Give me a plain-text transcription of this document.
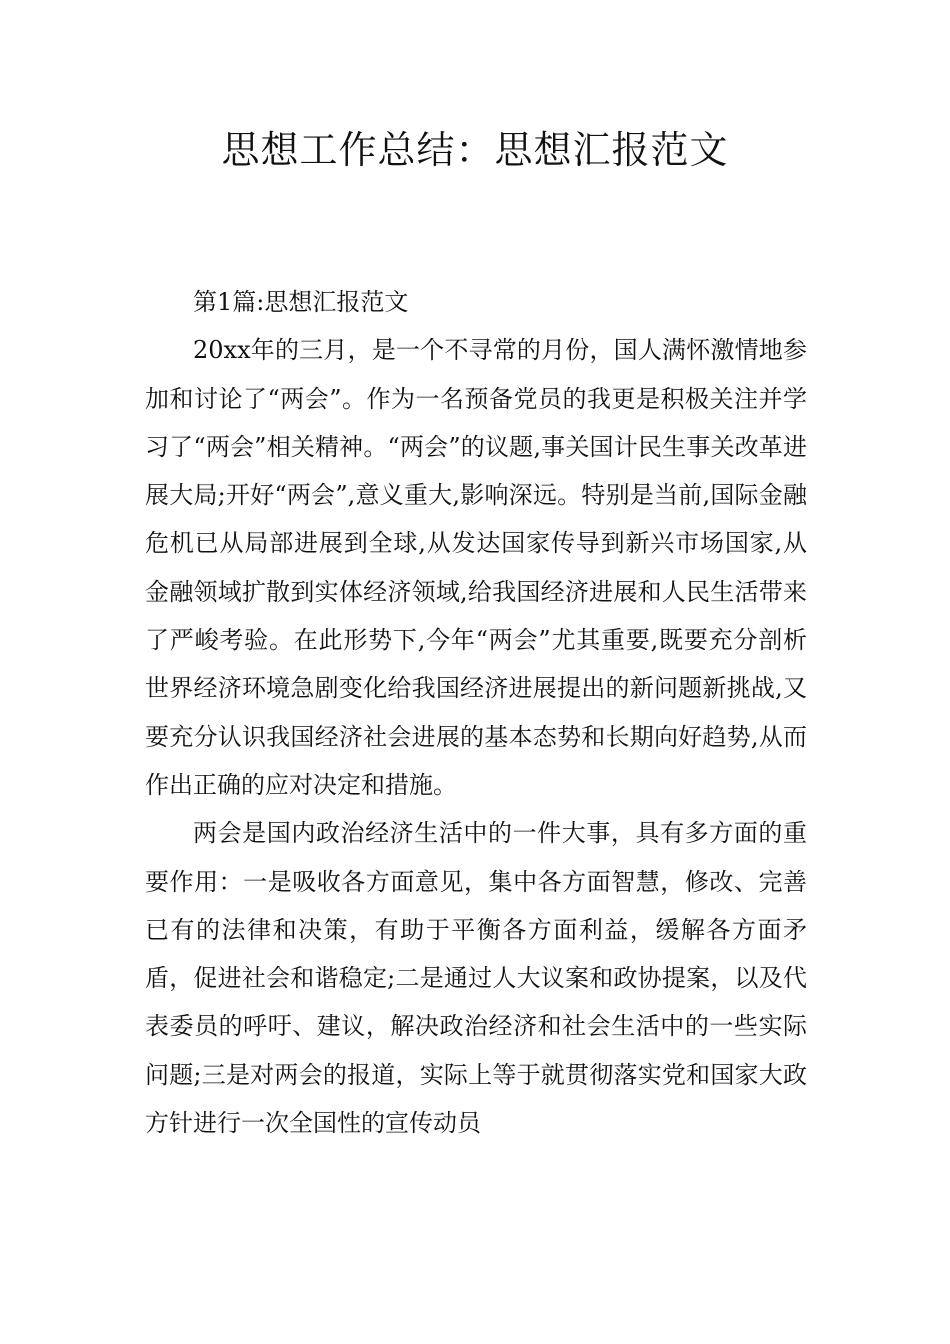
思想工作总结：思想汇报范文

第1篇:思想汇报范文

20xx年的三月，是一个不寻常的月份，国人满怀激情地参加和讨论了“两会”。作为一名预备党员的我更是积极关注并学习了“两会”相关精神。“两会”的议题,事关国计民生事关改革进展大局;开好“两会”,意义重大,影响深远。特别是当前,国际金融危机已从局部进展到全球,从发达国家传导到新兴市场国家,从金融领域扩散到实体经济领域,给我国经济进展和人民生活带来了严峻考验。在此形势下,今年“两会”尤其重要,既要充分剖析世界经济环境急剧变化给我国经济进展提出的新问题新挑战,又要充分认识我国经济社会进展的基本态势和长期向好趋势,从而作出正确的应对决定和措施。

两会是国内政治经济生活中的一件大事，具有多方面的重要作用：一是吸收各方面意见，集中各方面智慧，修改、完善已有的法律和决策，有助于平衡各方面利益，缓解各方面矛盾，促进社会和谐稳定;二是通过人大议案和政协提案，以及代表委员的呼吁、建议，解决政治经济和社会生活中的一些实际问题;三是对两会的报道，实际上等于就贯彻落实党和国家大政方针进行一次全国性的宣传动员
